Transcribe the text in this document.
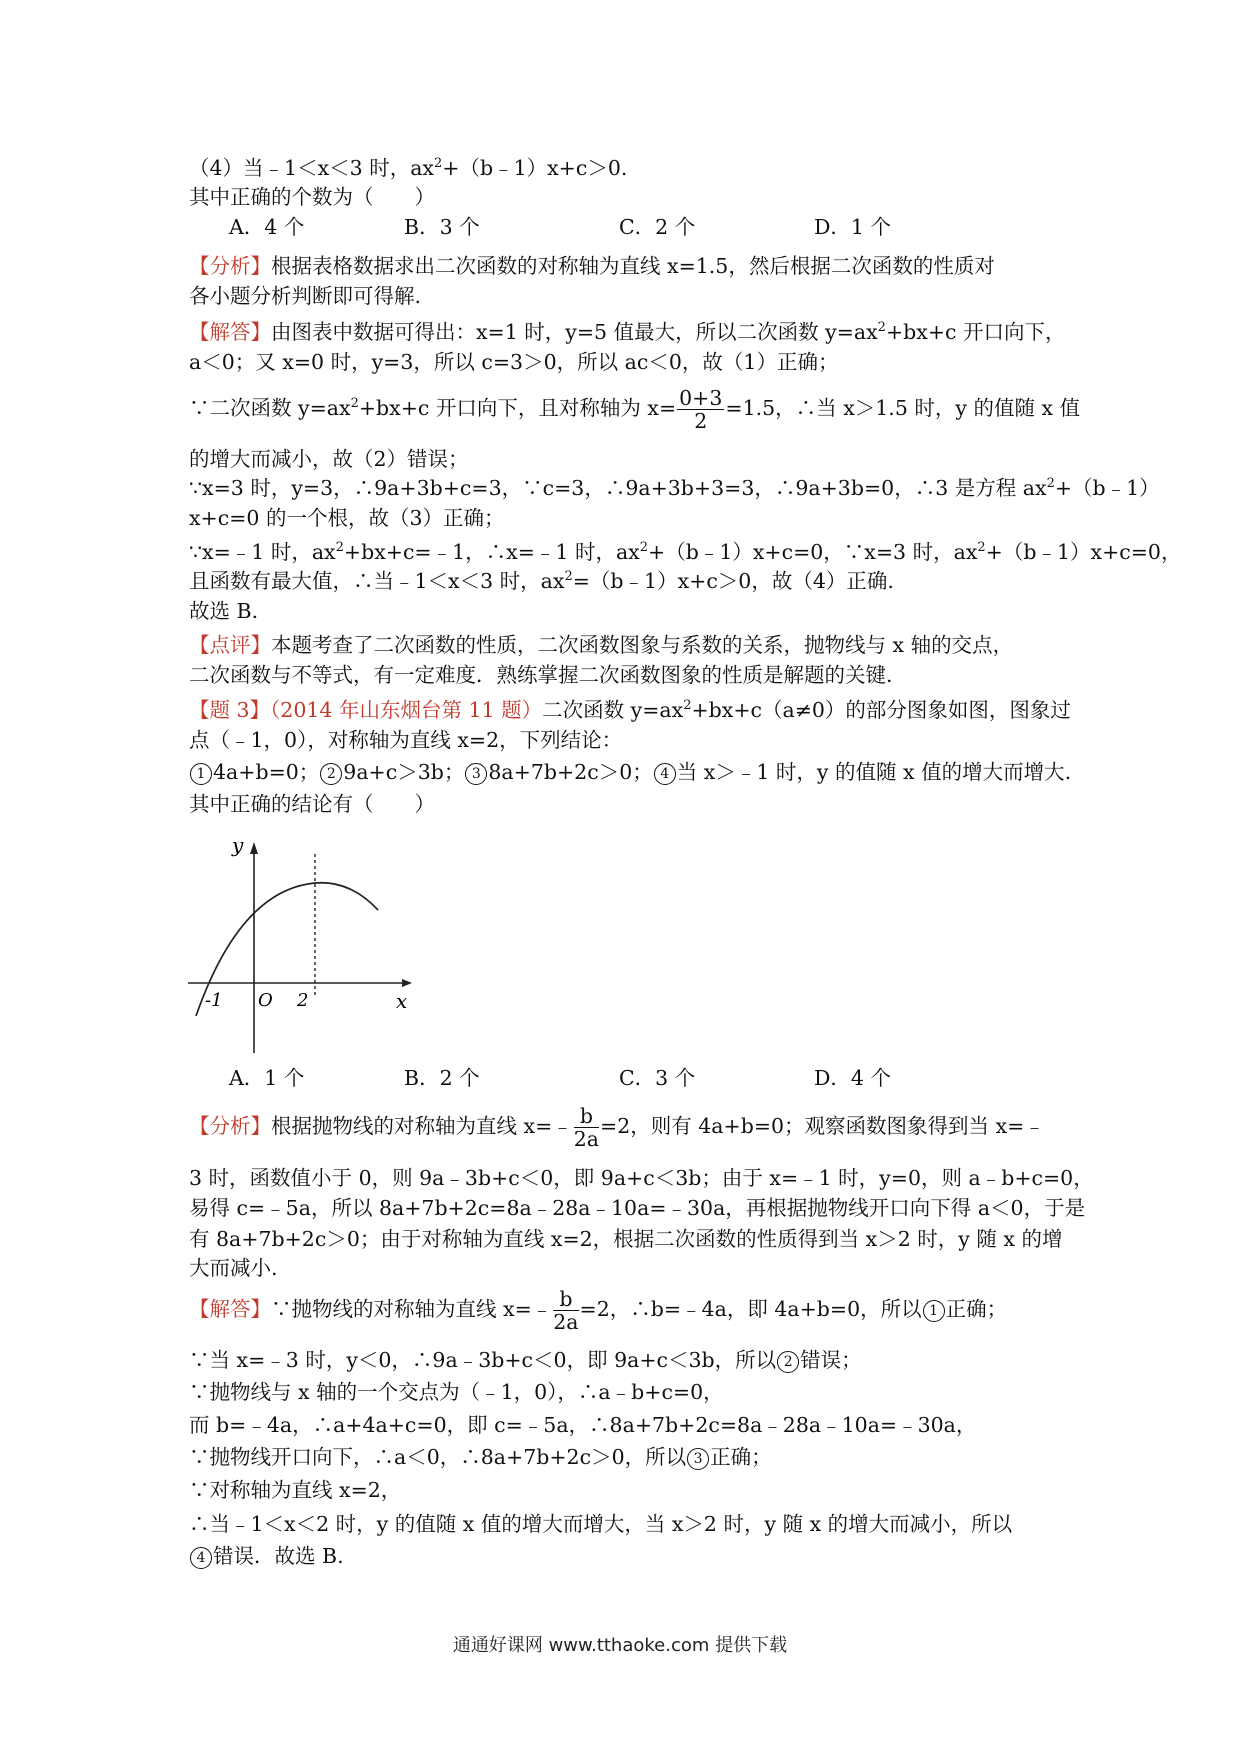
（4）当﹣1＜x＜3 时，$ax^2+(b﹣1)x+c>0$.
其中正确的个数为（　　）
A．4 个	B．3 个	C．2 个	D．1 个
【分析】根据表格数据求出二次函数的对称轴为直线 x=1.5，然后根据二次函数的性质对
各小题分析判断即可得解.
【解答】由图表中数据可得出：x=1 时，y=5 值最大，所以二次函数 $y=ax^2+bx+c$ 开口向下，
a＜0；又 x=0 时，y=3，所以 c=3＞0，所以 ac＜0，故（1）正确；
∵二次函数 $y=ax^2+bx+c$ 开口向下，且对称轴为 $x= \frac{0+3}{2} =1.5$，∴当 x＞1.5 时，y 的值随 x 值
的增大而减小，故（2）错误；
∵x=3 时，y=3，∴9a+3b+c=3，∵c=3，∴9a+3b+3=3，∴9a+3b=0，∴3 是方程 $ax^2+(b﹣1)$
x+c=0 的一个根，故（3）正确；
∵x=﹣1 时，$ax^2+bx+c=﹣1$，∴x=﹣1 时，$ax^2+(b﹣1)x+c=0$，∵x=3 时，$ax^2+(b﹣1)x+c=0$，
且函数有最大值，∴当﹣1＜x＜3 时，$ax^2=(b﹣1)x+c>0$，故（4）正确.
故选 B.
【点评】本题考查了二次函数的性质，二次函数图象与系数的关系，抛物线与 x 轴的交点，
二次函数与不等式，有一定难度．熟练掌握二次函数图象的性质是解题的关键.
【题 3】（2014 年山东烟台第 11 题）二次函数 $y=ax^2+bx+c(a\ne 0)$的部分图象如图，图象过
点（﹣1，0），对称轴为直线 x=2，下列结论：
1 4a+b=0； 2 9a+c＞3b； 3 8a+7b+2c＞0； 4 当 x＞﹣1 时，y 的值随 x 值的增大而增大.
其中正确的结论有（　　）
y
x
O
-1	2
A．1 个	B．2 个	C．3 个	D．4 个
【分析】根据抛物线的对称轴为直线 x=﹣ $\frac{b}{2a} =2$，则有 4a+b=0；观察函数图象得到当 x=﹣
3 时，函数值小于 0，则 9a﹣3b+c＜0，即 9a+c＜3b；由于 x=﹣1 时，y=0，则 a﹣b+c=0，
易得 c=﹣5a，所以 8a+7b+2c=8a﹣28a﹣10a=﹣30a，再根据抛物线开口向下得 a＜0，于是
有 8a+7b+2c＞0；由于对称轴为直线 x=2，根据二次函数的性质得到当 x＞2 时，y 随 x 的增
大而减小.
【解答】∵抛物线的对称轴为直线 x=﹣ $\frac{b}{2a} =2$，∴b=﹣4a，即 4a+b=0，所以 1 正确；
∵当 x=﹣3 时，y＜0，∴9a﹣3b+c＜0，即 9a+c＜3b，所以 2 错误；
∵抛物线与 x 轴的一个交点为（﹣1，0），∴a﹣b+c=0，
而 b=﹣4a，∴a+4a+c=0，即 c=﹣5a，∴8a+7b+2c=8a﹣28a﹣10a=﹣30a，
∵抛物线开口向下，∴a＜0，∴8a+7b+2c＞0，所以 3 正确；
∵对称轴为直线 x=2，
∴当﹣1＜x＜2 时，y 的值随 x 值的增大而增大，当 x＞2 时，y 随 x 的增大而减小，所以
4 错误．故选 B.
通通好课网 www.tthaoke.com 提供下载
